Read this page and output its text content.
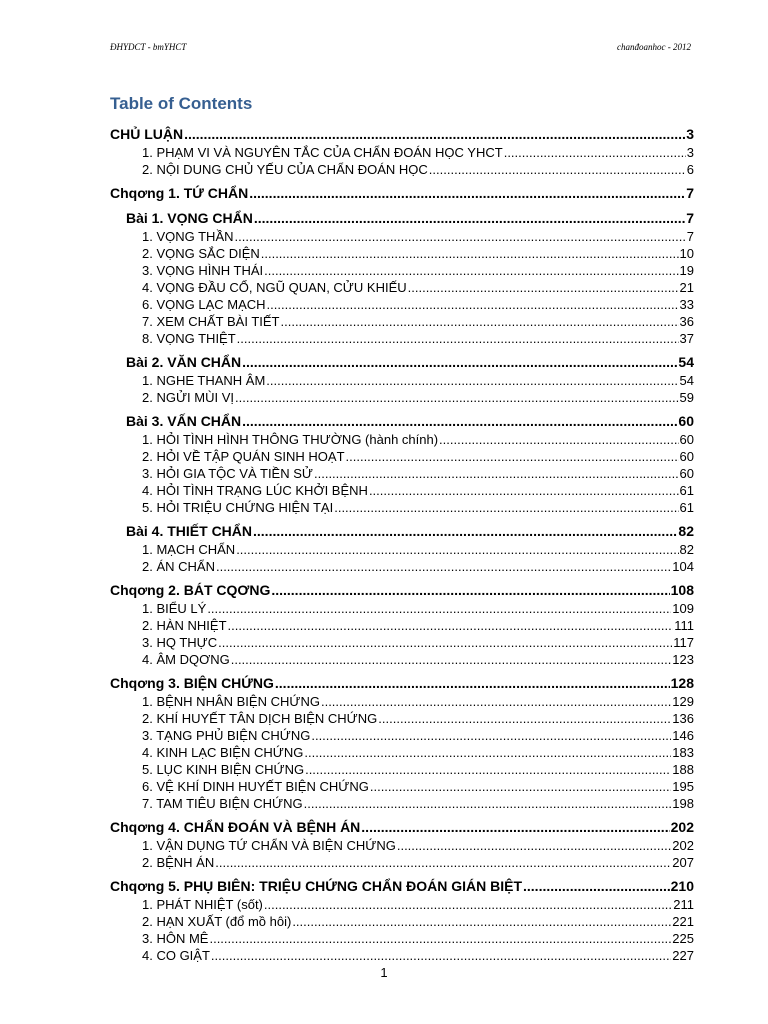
ĐHYDCT - bmYHCT	chanđoanhoc - 2012
Table of Contents
CHỦ LUẬN .....	3
1. PHẠM VI VÀ NGUYÊN TẮC CỦA CHẨN ĐOÁN HỌC YHCT .....	3
2. NỘI DUNG CHỦ YẾU CỦA CHẨN ĐOÁN HỌC .....	6
Chqơng 1. TỨ CHẨN .....	7
Bài 1. VỌNG CHẨN .....	7
1. VỌNG THẦN .....	7
2. VỌNG SẮC DIỆN .....	10
3. VỌNG HÌNH THÁI .....	19
4. VỌNG ĐẦU CỔ, NGŨ QUAN, CỬU KHIẾU .....	21
6. VỌNG LẠC MẠCH .....	33
7. XEM CHẤT BÀI TIẾT .....	36
8. VỌNG THIỆT .....	37
Bài 2. VĂN CHẨN .....	54
1. NGHE THANH ÂM .....	54
2. NGỬI MÙI VỊ .....	59
Bài 3. VẤN CHẨN .....	60
1. HỎI TÌNH HÌNH THÔNG THƯỜNG (hành chính) .....	60
2. HỎI VỀ TẬP QUÁN SINH HOẠT .....	60
3. HỎI GIA TỘC VÀ TIỀN SỬ .....	60
4. HỎI TÌNH TRẠNG LÚC KHỞI BỆNH .....	61
5. HỎI TRIỆU CHỨNG HIỆN TẠI .....	61
Bài 4. THIẾT CHẨN .....	82
1. MẠCH CHẨN .....	82
2. ÁN CHẨN .....	104
Chqơng 2. BÁT CQƠNG .....	108
1. BIỂU LÝ .....	109
2. HÀN NHIỆT .....	111
3. HQ THỰC .....	117
4. ÂM DQƠNG .....	123
Chqơng 3. BIỆN CHỨNG .....	128
1. BỆNH NHÂN BIỆN CHỨNG .....	129
2. KHÍ HUYẾT TÂN DỊCH BIỆN CHỨNG .....	136
3. TẠNG PHỦ BIỆN CHỨNG .....	146
4. KINH LẠC BIỆN CHỨNG .....	183
5. LỤC KINH BIỆN CHỨNG .....	188
6. VỆ KHÍ DINH HUYẾT BIỆN CHỨNG .....	195
7. TAM TIÊU BIỆN CHỨNG .....	198
Chqơng 4. CHẨN ĐOÁN VÀ BỆNH ÁN .....	202
1. VẬN DỤNG TỨ CHẨN VÀ BIỆN CHỨNG .....	202
2. BỆNH ÁN .....	207
Chqơng 5. PHỤ BIÊN: TRIỆU CHỨNG CHẨN ĐOÁN GIÁN BIỆT .....	210
1. PHÁT NHIỆT (sốt) .....	211
2. HẠN XUẤT (đổ mồ hôi) .....	221
3. HÔN MÊ .....	225
4. CO GIẬT .....	227
1
